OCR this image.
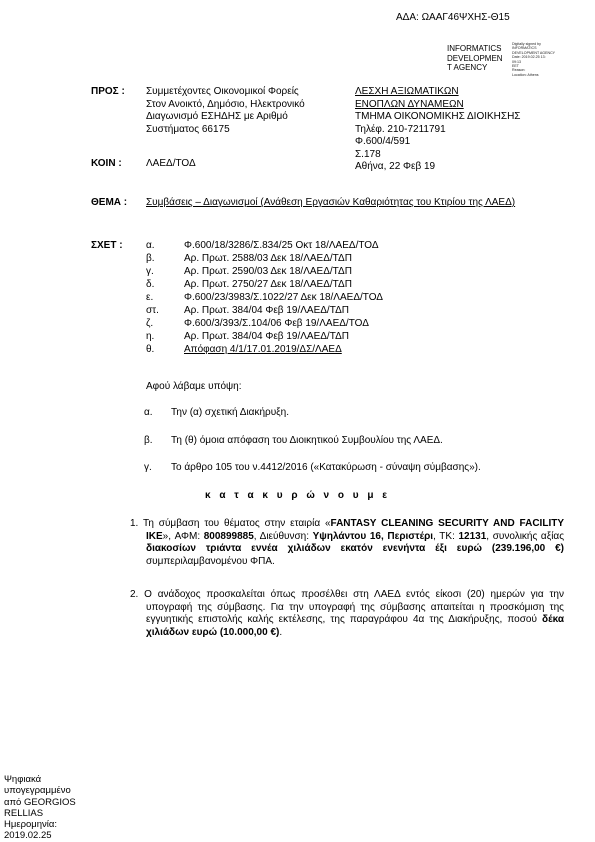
ΑΔΑ: ΩΑΑΓ46ΨΧΗΣ-Θ15
INFORMATICS
DEVELOPMEN
T AGENCY
Digitally signed by
INFORMATICS
DEVELOPMENT AGENCY
Date: 2019.02.25 13:
09:13
EET
Reason:
Location: Athens
ΠΡΟΣ : Συμμετέχοντες Οικονομικοί Φορείς
Στον Ανοικτό, Δημόσιο, Ηλεκτρονικό
Διαγωνισμό ΕΣΗΔΗΣ με Αριθμό
Συστήματος 66175
ΛΕΣΧΗ ΑΞΙΩΜΑΤΙΚΩΝ
ΕΝΟΠΛΩΝ ΔΥΝΑΜΕΩΝ
ΤΜΗΜΑ ΟΙΚΟΝΟΜΙΚΗΣ ΔΙΟΙΚΗΣΗΣ
Τηλέφ. 210-7211791
Φ.600/4/591
Σ.178
Αθήνα, 22 Φεβ 19
ΚΟΙΝ : ΛΑΕΔ/ΤΟΔ
ΘΕΜΑ : Συμβάσεις – Διαγωνισμοί (Ανάθεση Εργασιών Καθαριότητας του Κτιρίου της ΛΑΕΔ)
ΣΧΕΤ : α.	Φ.600/18/3286/Σ.834/25 Οκτ 18/ΛΑΕΔ/ΤΟΔ
β.	Αρ. Πρωτ. 2588/03 Δεκ 18/ΛΑΕΔ/ΤΔΠ
γ.	Αρ. Πρωτ. 2590/03 Δεκ 18/ΛΑΕΔ/ΤΔΠ
δ.	Αρ. Πρωτ. 2750/27 Δεκ 18/ΛΑΕΔ/ΤΔΠ
ε.	Φ.600/23/3983/Σ.1022/27 Δεκ 18/ΛΑΕΔ/ΤΟΔ
στ.	Αρ. Πρωτ. 384/04 Φεβ 19/ΛΑΕΔ/ΤΔΠ
ζ.	Φ.600/3/393/Σ.104/06 Φεβ 19/ΛΑΕΔ/ΤΟΔ
η.	Αρ. Πρωτ. 384/04 Φεβ 19/ΛΑΕΔ/ΤΔΠ
θ.	Απόφαση 4/1/17.01.2019/ΔΣ/ΛΑΕΔ
Αφού λάβαμε υπόψη:
α. Την (α) σχετική Διακήρυξη.
β. Τη (θ) όμοια απόφαση του Διοικητικού Συμβουλίου της ΛΑΕΔ.
γ. Το άρθρο 105 του ν.4412/2016 («Κατακύρωση - σύναψη σύμβασης»).
κ α τ α κ υ ρ ώ ν ο υ μ ε
1. Τη σύμβαση του θέματος στην εταιρία «FANTASY CLEANING SECURITY AND FACILITY IKE», ΑΦΜ: 800899885, Διεύθυνση: Υψηλάντου 16, Περιστέρι, ΤΚ: 12131, συνολικής αξίας διακοσίων τριάντα εννέα χιλιάδων εκατόν ενενήντα έξι ευρώ (239.196,00 €) συμπεριλαμβανομένου ΦΠΑ.
2. Ο ανάδοχος προσκαλείται όπως προσέλθει στη ΛΑΕΔ εντός είκοσι (20) ημερών για την υπογραφή της σύμβασης. Για την υπογραφή της σύμβασης απαιτείται η προσκόμιση της εγγυητικής επιστολής καλής εκτέλεσης, της παραγράφου 4α της Διακήρυξης, ποσού δέκα χιλιάδων ευρώ (10.000,00 €).
Ψηφιακά
υπογεγραμμένο
από GEORGIOS
RELLIAS
Ημερομηνία:
2019.02.25
